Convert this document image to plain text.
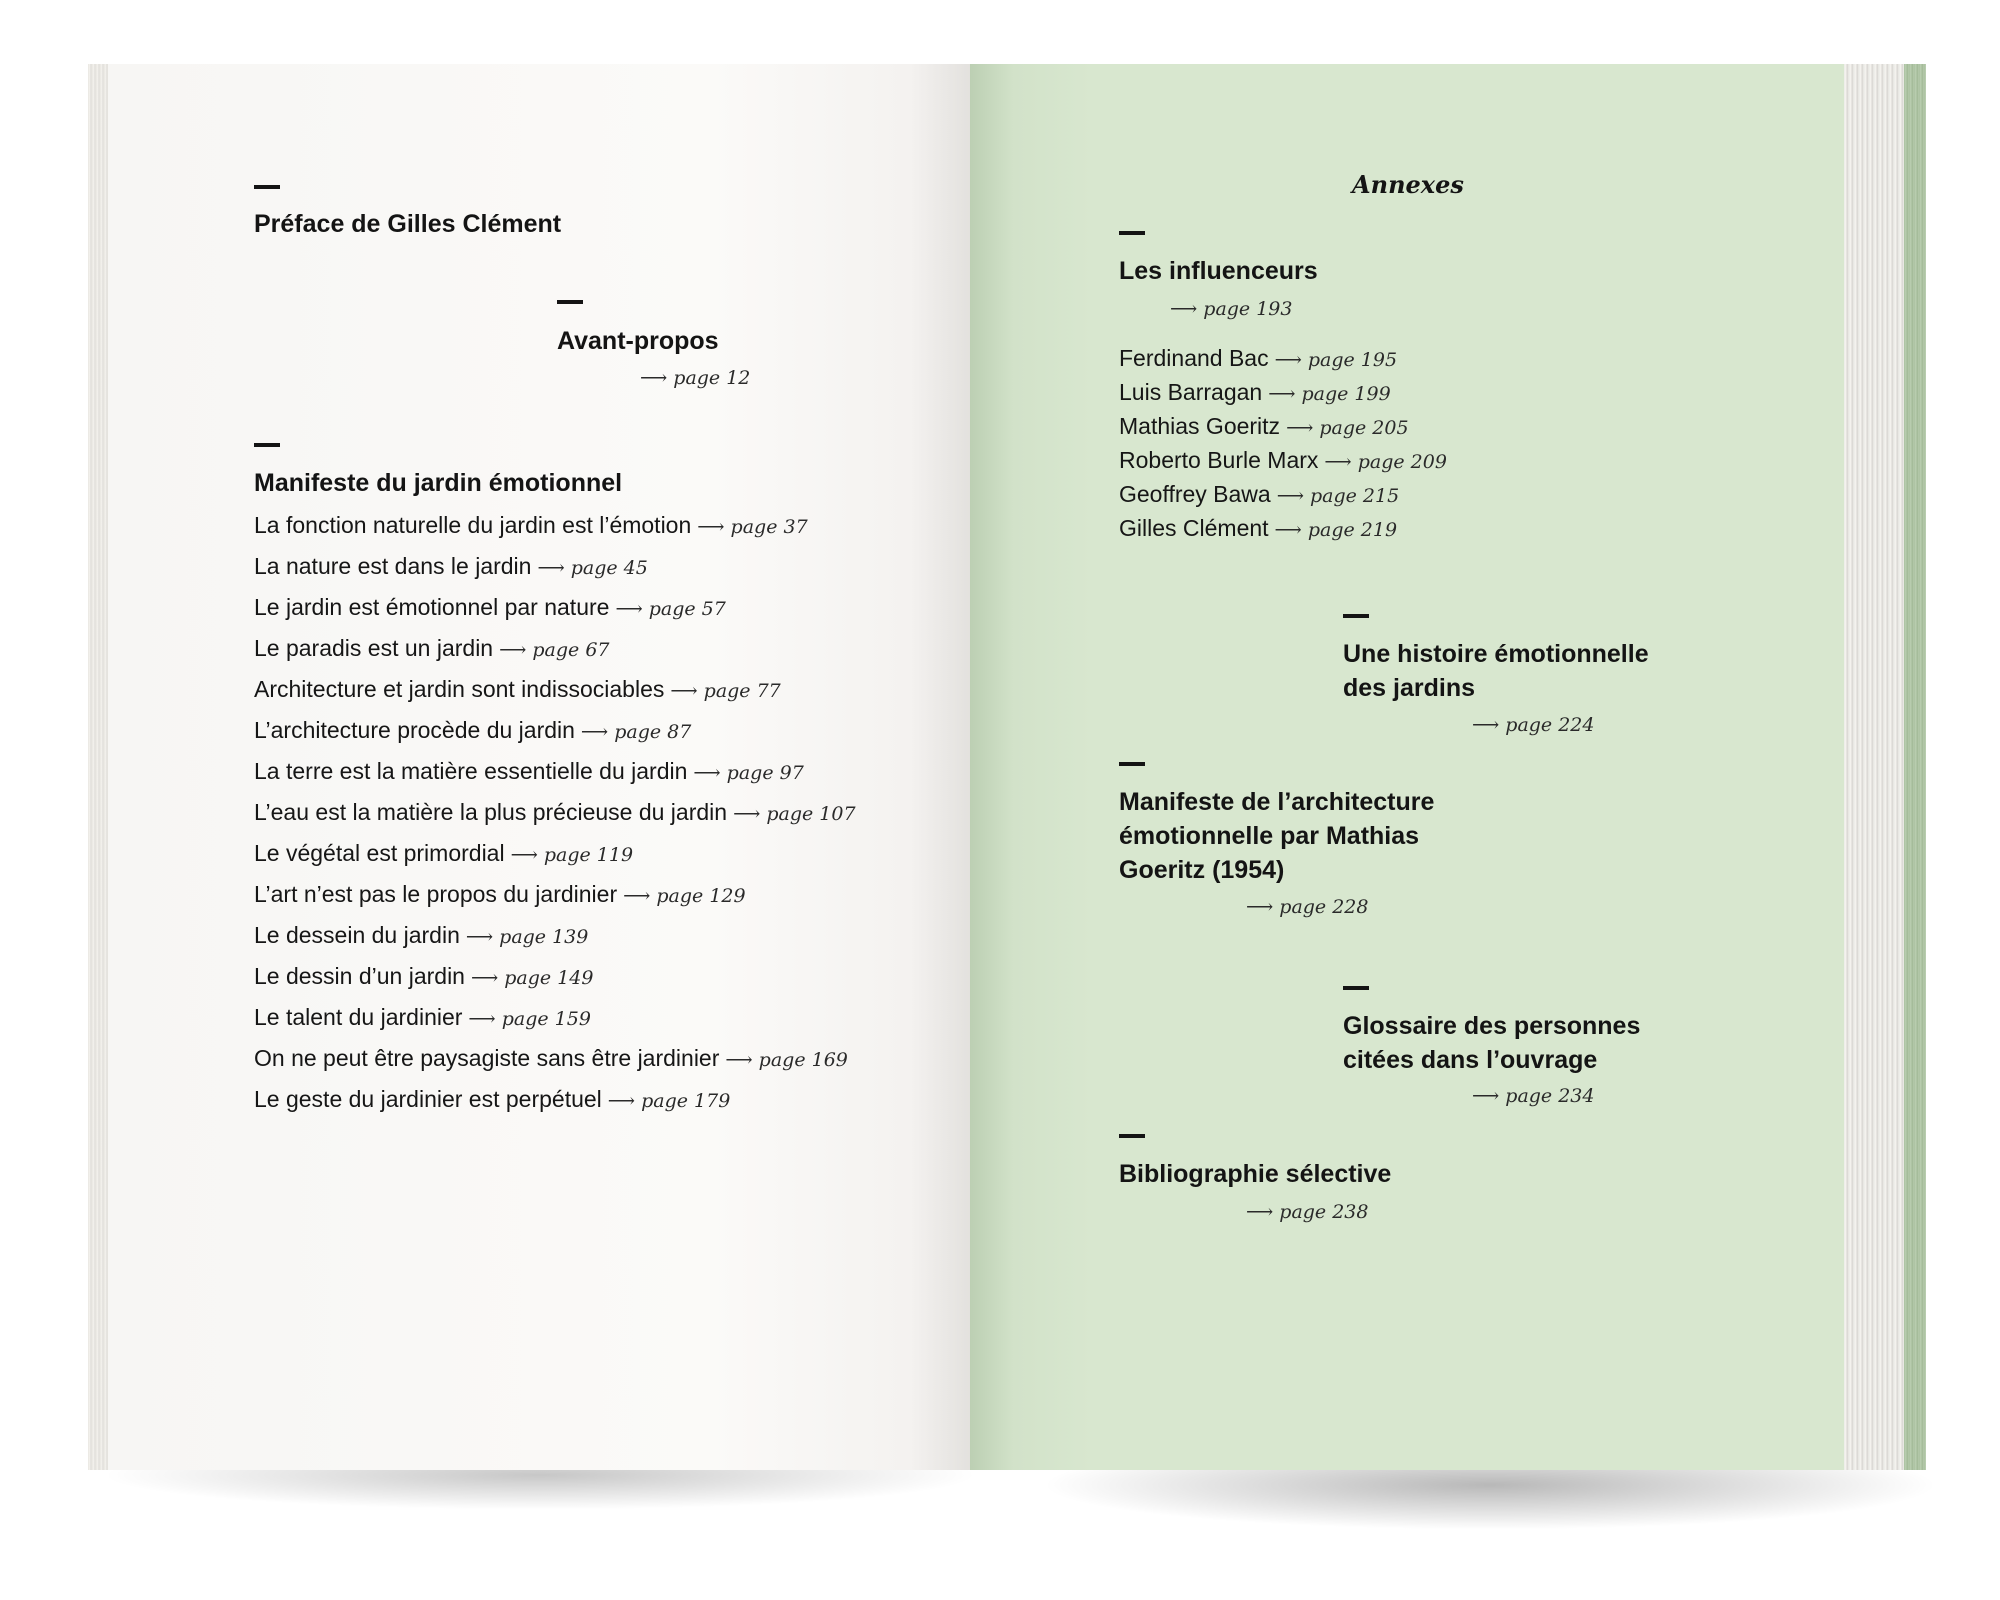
Préface de Gilles Clément
Avant-propos
⟶ page 12
Manifeste du jardin émotionnel
La fonction naturelle du jardin est l’émotion ⟶ page 37
La nature est dans le jardin ⟶ page 45
Le jardin est émotionnel par nature ⟶ page 57
Le paradis est un jardin ⟶ page 67
Architecture et jardin sont indissociables ⟶ page 77
L’architecture procède du jardin ⟶ page 87
La terre est la matière essentielle du jardin ⟶ page 97
L’eau est la matière la plus précieuse du jardin ⟶ page 107
Le végétal est primordial ⟶ page 119
L’art n’est pas le propos du jardinier ⟶ page 129
Le dessein du jardin ⟶ page 139
Le dessin d’un jardin ⟶ page 149
Le talent du jardinier ⟶ page 159
On ne peut être paysagiste sans être jardinier ⟶ page 169
Le geste du jardinier est perpétuel ⟶ page 179
Annexes
Les influenceurs
⟶ page 193
Ferdinand Bac ⟶ page 195
Luis Barragan ⟶ page 199
Mathias Goeritz ⟶ page 205
Roberto Burle Marx ⟶ page 209
Geoffrey Bawa ⟶ page 215
Gilles Clément ⟶ page 219
Une histoire émotionnelle
des jardins
⟶ page 224
Manifeste de l’architecture
émotionnelle par Mathias
Goeritz (1954)
⟶ page 228
Glossaire des personnes
citées dans l’ouvrage
⟶ page 234
Bibliographie sélective
⟶ page 238
